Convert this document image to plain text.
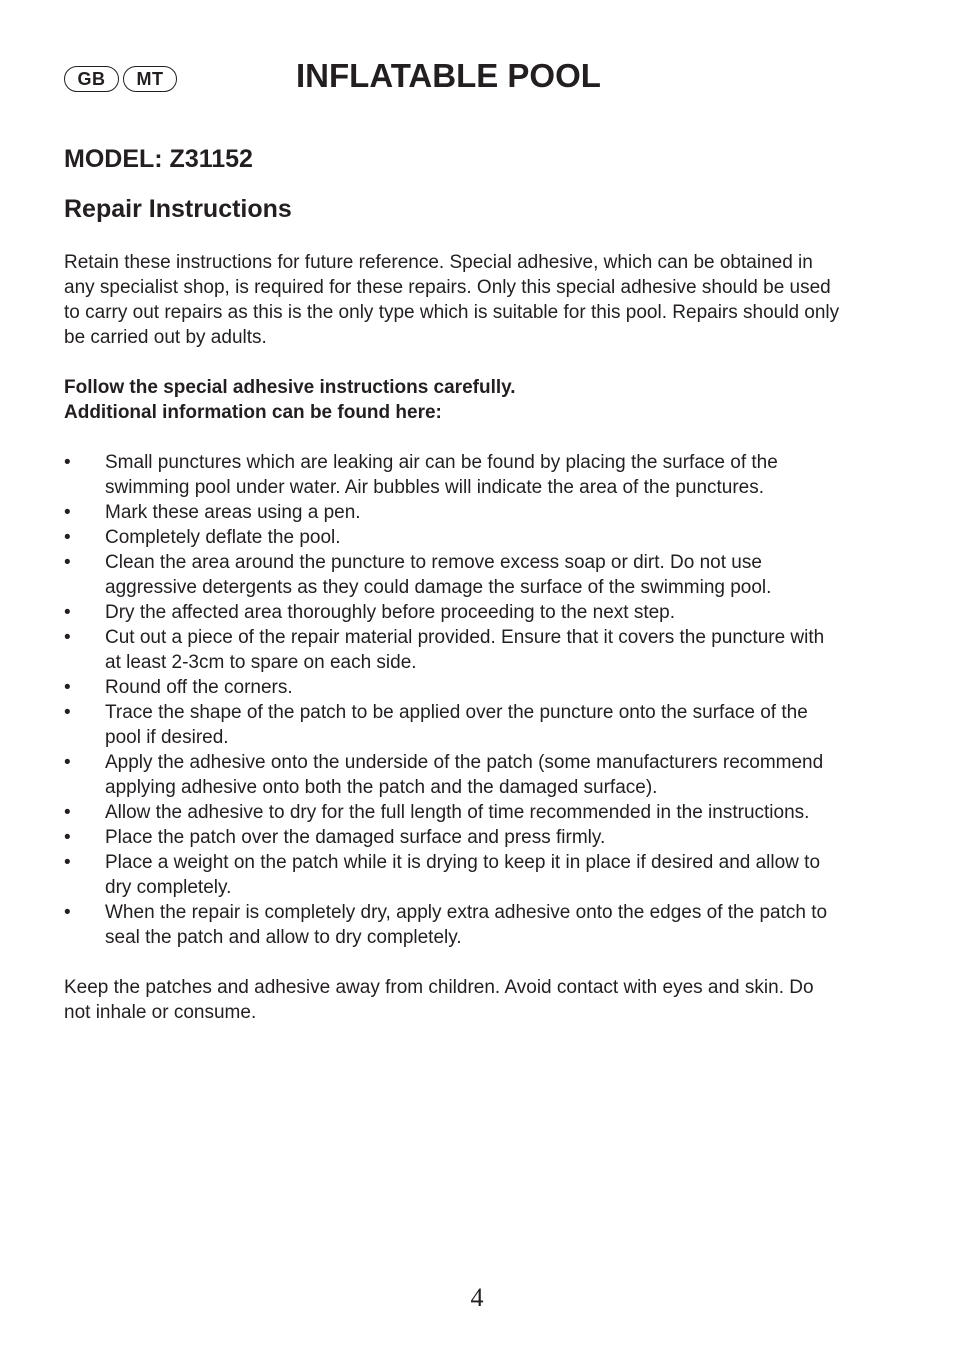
GB	MT	INFLATABLE POOL
MODEL: Z31152
Repair Instructions

Retain these instructions for future reference. Special adhesive, which can be obtained in any specialist shop, is required for these repairs. Only this special adhesive should be used to carry out repairs as this is the only type which is suitable for this pool. Repairs should only be carried out by adults.

Follow the special adhesive instructions carefully.
Additional information can be found here:

• Small punctures which are leaking air can be found by placing the surface of the swimming pool under water. Air bubbles will indicate the area of the punctures.
• Mark these areas using a pen.
• Completely deflate the pool.
• Clean the area around the puncture to remove excess soap or dirt. Do not use aggressive detergents as they could damage the surface of the swimming pool.
• Dry the affected area thoroughly before proceeding to the next step.
• Cut out a piece of the repair material provided. Ensure that it covers the puncture with at least 2-3cm to spare on each side.
• Round off the corners.
• Trace the shape of the patch to be applied over the puncture onto the surface of the pool if desired.
• Apply the adhesive onto the underside of the patch (some manufacturers recommend applying adhesive onto both the patch and the damaged surface).
• Allow the adhesive to dry for the full length of time recommended in the instructions.
• Place the patch over the damaged surface and press firmly.
• Place a weight on the patch while it is drying to keep it in place if desired and allow to dry completely.
• When the repair is completely dry, apply extra adhesive onto the edges of the patch to seal the patch and allow to dry completely.

Keep the patches and adhesive away from children. Avoid contact with eyes and skin. Do not inhale or consume.

4
